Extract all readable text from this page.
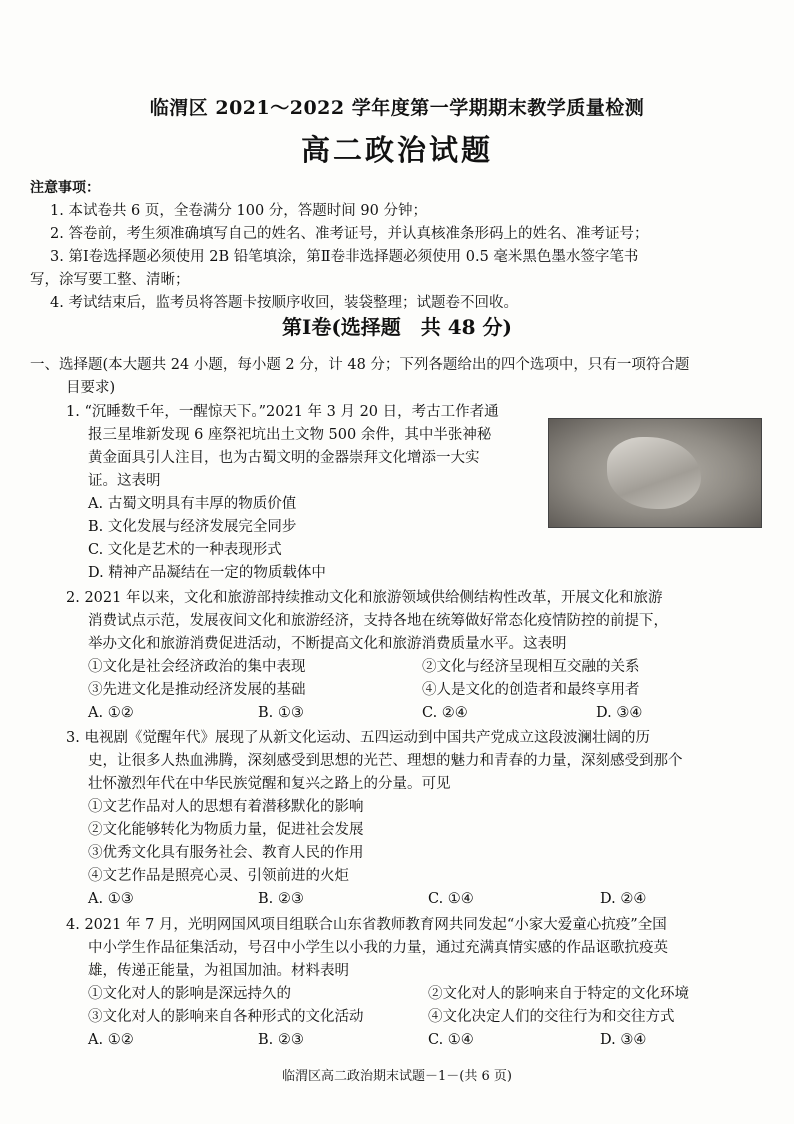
临渭区 2021～2022 学年度第一学期期末教学质量检测
高二政治试题
注意事项：
1. 本试卷共 6 页，全卷满分 100 分，答题时间 90 分钟；
2. 答卷前，考生须准确填写自己的姓名、准考证号，并认真核准条形码上的姓名、准考证号；
3. 第Ⅰ卷选择题必须使用 2B 铅笔填涂，第Ⅱ卷非选择题必须使用 0.5 毫米黑色墨水签字笔书
写，涂写要工整、清晰；
4. 考试结束后，监考员将答题卡按顺序收回，装袋整理；试题卷不回收。
第Ⅰ卷(选择题　共 48 分)
一、选择题(本大题共 24 小题，每小题 2 分，计 48 分；下列各题给出的四个选项中，只有一项符合题
目要求)
1. “沉睡数千年，一醒惊天下。”2021 年 3 月 20 日，考古工作者通
报三星堆新发现 6 座祭祀坑出土文物 500 余件，其中半张神秘
黄金面具引人注目，也为古蜀文明的金器崇拜文化增添一大实
证。这表明
A. 古蜀文明具有丰厚的物质价值
B. 文化发展与经济发展完全同步
C. 文化是艺术的一种表现形式
D. 精神产品凝结在一定的物质载体中
2. 2021 年以来，文化和旅游部持续推动文化和旅游领域供给侧结构性改革，开展文化和旅游
消费试点示范，发展夜间文化和旅游经济，支持各地在统筹做好常态化疫情防控的前提下，
举办文化和旅游消费促进活动，不断提高文化和旅游消费质量水平。这表明
①文化是社会经济政治的集中表现	②文化与经济呈现相互交融的关系
③先进文化是推动经济发展的基础	④人是文化的创造者和最终享用者
A. ①②	B. ①③	C. ②④	D. ③④
3. 电视剧《觉醒年代》展现了从新文化运动、五四运动到中国共产党成立这段波澜壮阔的历
史，让很多人热血沸腾，深刻感受到思想的光芒、理想的魅力和青春的力量，深刻感受到那个
壮怀激烈年代在中华民族觉醒和复兴之路上的分量。可见
①文艺作品对人的思想有着潜移默化的影响
②文化能够转化为物质力量，促进社会发展
③优秀文化具有服务社会、教育人民的作用
④文艺作品是照亮心灵、引领前进的火炬
A. ①③	B. ②③	C. ①④	D. ②④
4. 2021 年 7 月，光明网国风项目组联合山东省教师教育网共同发起“小家大爱童心抗疫”全国
中小学生作品征集活动，号召中小学生以小我的力量，通过充满真情实感的作品讴歌抗疫英
雄，传递正能量，为祖国加油。材料表明
①文化对人的影响是深远持久的	②文化对人的影响来自于特定的文化环境
③文化对人的影响来自各种形式的文化活动	④文化决定人们的交往行为和交往方式
A. ①②	B. ②③	C. ①④	D. ③④
临渭区高二政治期末试题－1－(共 6 页)
